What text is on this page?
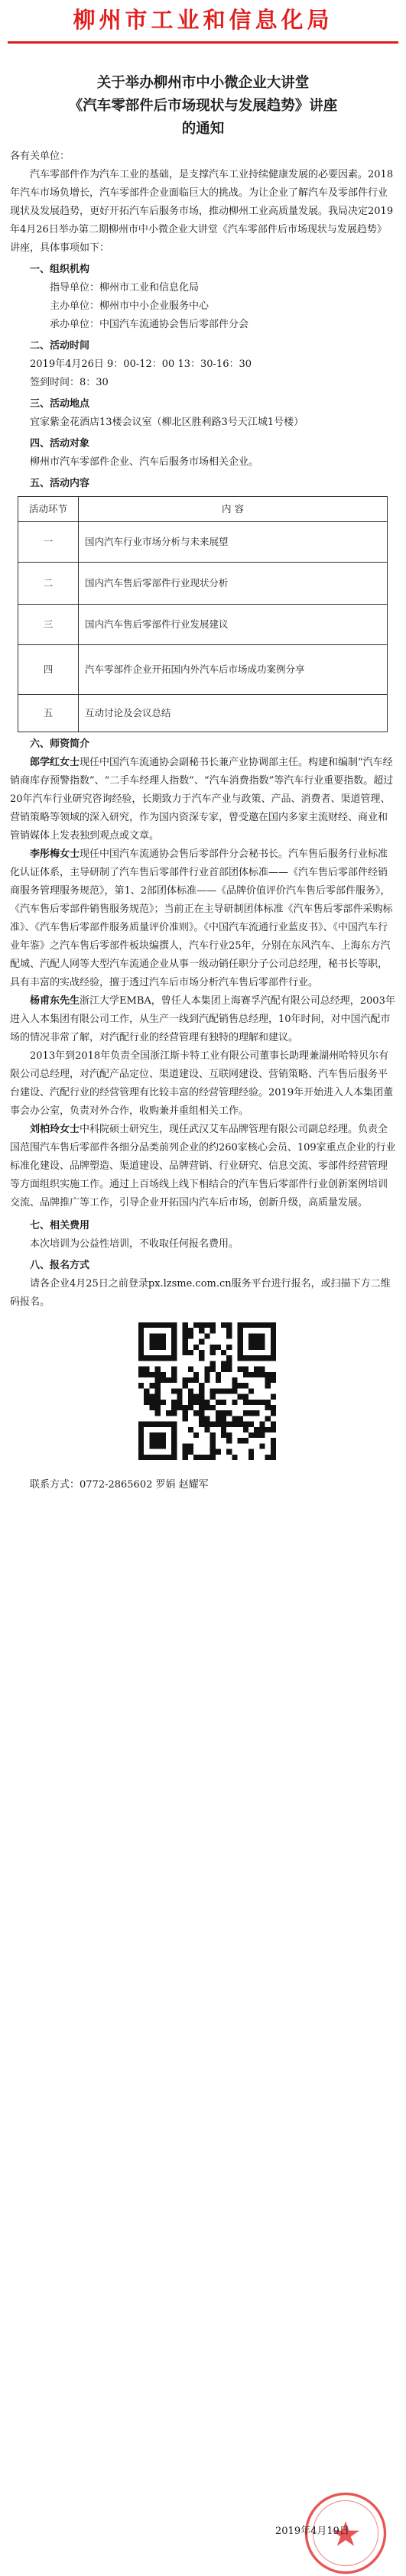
柳州市工业和信息化局
关于举办柳州市中小微企业大讲堂
《汽车零部件后市场现状与发展趋势》讲座
的通知

各有关单位：

汽车零部件作为汽车工业的基础，是支撑汽车工业持续健康发展的必要因素。2018年汽车市场负增长，汽车零部件企业面临巨大的挑战。为让企业了解汽车及零部件行业现状及发展趋势，更好开拓汽车后服务市场，推动柳州工业高质量发展。我局决定2019年4月26日举办第二期柳州市中小微企业大讲堂《汽车零部件后市场现状与发展趋势》讲座，具体事项如下：

一、组织机构

指导单位：柳州市工业和信息化局

主办单位：柳州市中小企业服务中心

承办单位：中国汽车流通协会售后零部件分会

二、活动时间

2019年4月26日 9：00-12：00 13：30-16：30

签到时间：8：30

三、活动地点

宜家紫金花酒店13楼会议室（柳北区胜利路3号天江城1号楼）

四、活动对象

柳州市汽车零部件企业、汽车后服务市场相关企业。

五、活动内容

活动环节	内 容
一	国内汽车行业市场分析与未来展望
二	国内汽车售后零部件行业现状分析
三	国内汽车售后零部件行业发展建议
四	汽车零部件企业开拓国内外汽车后市场成功案例分享
五	互动讨论及会议总结

六、师资简介

郎学红女士现任中国汽车流通协会副秘书长兼产业协调部主任。构建和编制“汽车经销商库存预警指数”、“二手车经理人指数”、“汽车消费指数”等汽车行业重要指数。超过20年汽车行业研究咨询经验，长期致力于汽车产业与政策、产品、消费者、渠道管理、营销策略等领域的深入研究，作为国内资深专家，曾受邀在国内多家主流财经、商业和管销媒体上发表独到观点或文章。

李彤梅女士现任中国汽车流通协会售后零部件分会秘书长。汽车售后服务行业标准化认证体系，主导研制了汽车售后零部件行业首部团体标准——《汽车售后零部件经销商服务管理服务规范》，第1、2部团体标准——《品牌价值评价汽车售后零部件服务》，《汽车售后零部件销售服务规范》；当前正在主导研制团体标准《汽车售后零部件采购标准》、《汽车售后零部件服务质量评价准则》。《中国汽车流通行业蓝皮书》、《中国汽车行业年鉴》之汽车售后零部件板块编撰人，汽车行业25年，分别在东风汽车、上海东方汽配城、汽配人网等大型汽车流通企业从事一级动销任职分子公司总经理，秘书长等职，具有丰富的实战经验，擅于透过汽车后市场分析汽车售后零部件行业。

杨甫东先生浙江大学EMBA，曾任人本集团上海赛孚汽配有限公司总经理，2003年进入人本集团有限公司工作，从生产一线到汽配销售总经理，10年时间，对中国汽配市场的情况非常了解，对汽配行业的经营管理有独特的理解和建议。

2013年到2018年负责全国浙江斯卡特工业有限公司董事长助理兼湖州哈特贝尔有限公司总经理，对汽配产品定位、渠道建设、互联网建设、营销策略、汽车售后服务平台建设、汽配行业的经营管理有比较丰富的经营管理经验。2019年开始进入人本集团董事会办公室，负责对外合作，收购兼并重组相关工作。

刘柏玲女士中科院硕士研究生，现任武汉艾车品牌管理有限公司副总经理。负责全国范围汽车售后零部件各细分品类前列企业的约260家核心会员、109家重点企业的行业标准化建设、品牌塑造、渠道建设、品牌营销、行业研究、信息交流、零部件经营管理等方面组织实施工作。通过上百场线上线下相结合的汽车售后零部件行业创新案例培训交流、品牌推广等工作，引导企业开拓国内汽车后市场，创新升级，高质量发展。

七、相关费用

本次培训为公益性培训，不收取任何报名费用。

八、报名方式

请各企业4月25日之前登录px.lzsme.com.cn服务平台进行报名，或扫描下方二维码报名。

联系方式：0772-2865602 罗娟 赵耀军

2019年4月19日
